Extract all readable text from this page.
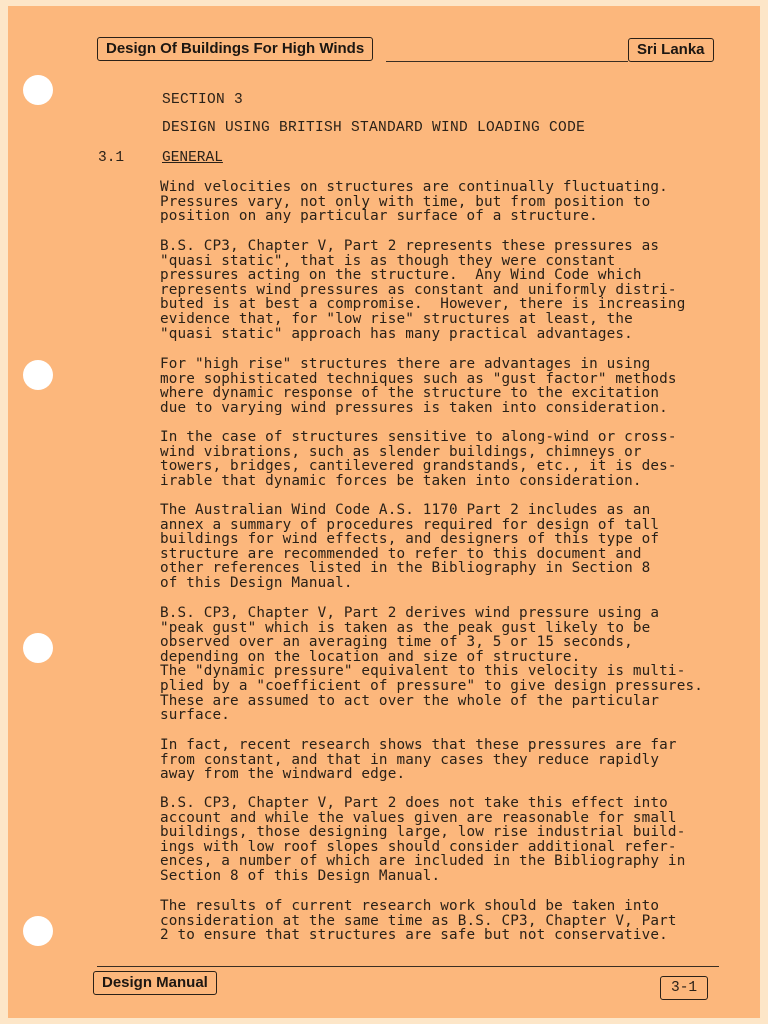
Design Of Buildings For High Winds	Sri Lanka
SECTION 3
DESIGN USING BRITISH STANDARD WIND LOADING CODE
3.1	GENERAL
Wind velocities on structures are continually fluctuating.
Pressures vary, not only with time, but from position to
position on any particular surface of a structure.
B.S. CP3, Chapter V, Part 2 represents these pressures as
"quasi static", that is as though they were constant
pressures acting on the structure.  Any Wind Code which
represents wind pressures as constant and uniformly distri-
buted is at best a compromise.  However, there is increasing
evidence that, for "low rise" structures at least, the
"quasi static" approach has many practical advantages.
For "high rise" structures there are advantages in using
more sophisticated techniques such as "gust factor" methods
where dynamic response of the structure to the excitation
due to varying wind pressures is taken into consideration.
In the case of structures sensitive to along-wind or cross-
wind vibrations, such as slender buildings, chimneys or
towers, bridges, cantilevered grandstands, etc., it is des-
irable that dynamic forces be taken into consideration.
The Australian Wind Code A.S. 1170 Part 2 includes as an
annex a summary of procedures required for design of tall
buildings for wind effects, and designers of this type of
structure are recommended to refer to this document and
other references listed in the Bibliography in Section 8
of this Design Manual.
B.S. CP3, Chapter V, Part 2 derives wind pressure using a
"peak gust" which is taken as the peak gust likely to be
observed over an averaging time of 3, 5 or 15 seconds,
depending on the location and size of structure.
The "dynamic pressure" equivalent to this velocity is multi-
plied by a "coefficient of pressure" to give design pressures.
These are assumed to act over the whole of the particular
surface.
In fact, recent research shows that these pressures are far
from constant, and that in many cases they reduce rapidly
away from the windward edge.
B.S. CP3, Chapter V, Part 2 does not take this effect into
account and while the values given are reasonable for small
buildings, those designing large, low rise industrial build-
ings with low roof slopes should consider additional refer-
ences, a number of which are included in the Bibliography in
Section 8 of this Design Manual.
The results of current research work should be taken into
consideration at the same time as B.S. CP3, Chapter V, Part
2 to ensure that structures are safe but not conservative.
Design Manual	3-1
